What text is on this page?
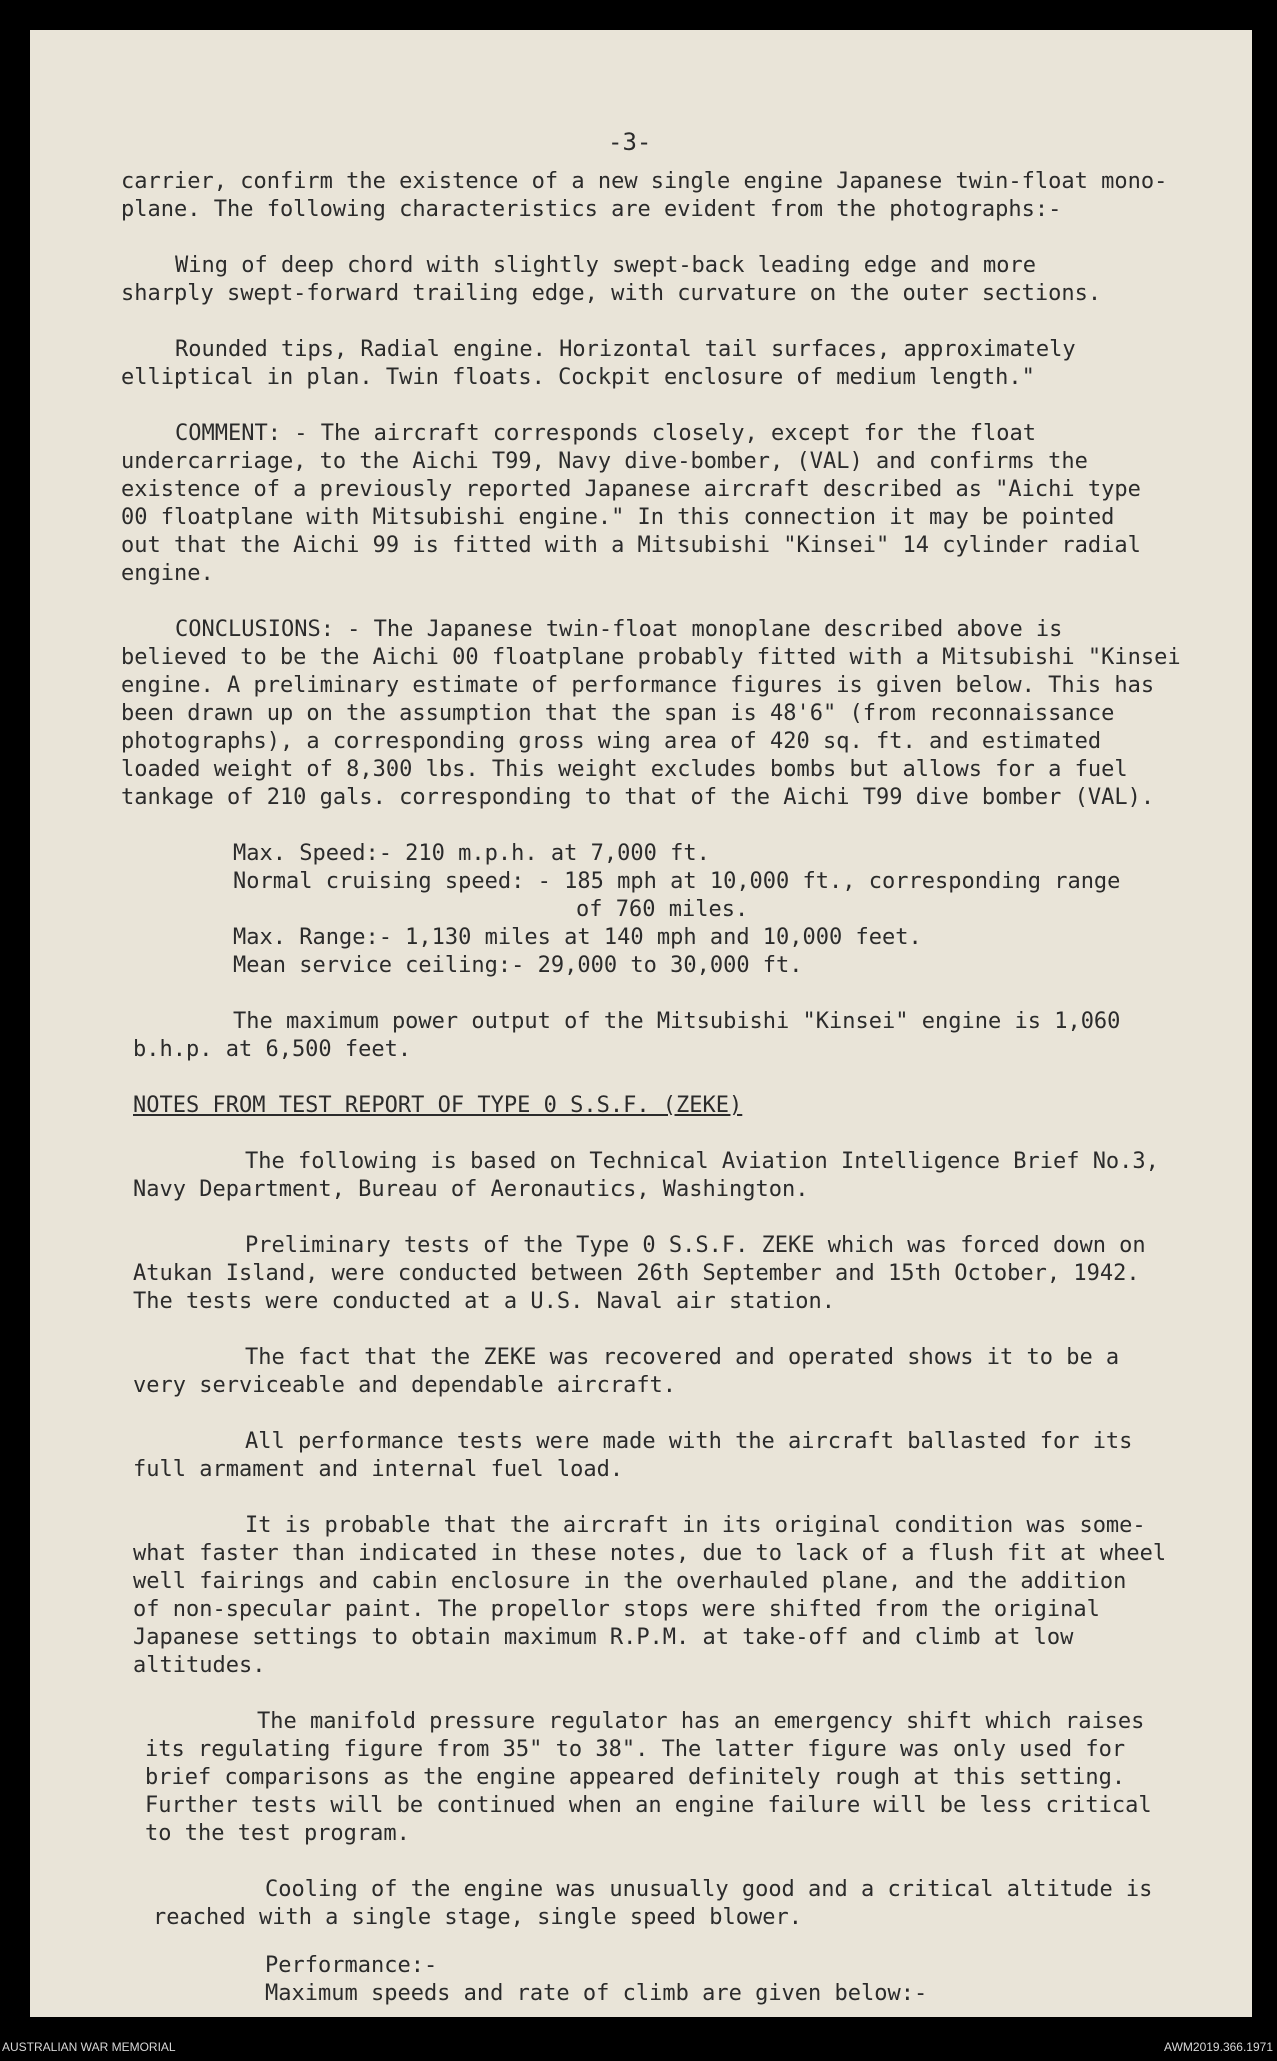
-3-
carrier, confirm the existence of a new single engine Japanese twin-float mono-
plane. The following characteristics are evident from the photographs:-
Wing of deep chord with slightly swept-back leading edge and more
sharply swept-forward trailing edge, with curvature on the outer sections.
Rounded tips, Radial engine. Horizontal tail surfaces, approximately
elliptical in plan. Twin floats. Cockpit enclosure of medium length."
COMMENT: - The aircraft corresponds closely, except for the float
undercarriage, to the Aichi T99, Navy dive-bomber, (VAL) and confirms the
existence of a previously reported Japanese aircraft described as "Aichi type
00 floatplane with Mitsubishi engine." In this connection it may be pointed
out that the Aichi 99 is fitted with a Mitsubishi "Kinsei" 14 cylinder radial
engine.
CONCLUSIONS: - The Japanese twin-float monoplane described above is
believed to be the Aichi 00 floatplane probably fitted with a Mitsubishi "Kinsei
engine. A preliminary estimate of performance figures is given below. This has
been drawn up on the assumption that the span is 48'6" (from reconnaissance
photographs), a corresponding gross wing area of 420 sq. ft. and estimated
loaded weight of 8,300 lbs. This weight excludes bombs but allows for a fuel
tankage of 210 gals. corresponding to that of the Aichi T99 dive bomber (VAL).
Max. Speed:- 210 m.p.h. at 7,000 ft.
Normal cruising speed: - 185 mph at 10,000 ft., corresponding range
of 760 miles.
Max. Range:- 1,130 miles at 140 mph and 10,000 feet.
Mean service ceiling:- 29,000 to 30,000 ft.
The maximum power output of the Mitsubishi "Kinsei" engine is 1,060
b.h.p. at 6,500 feet.
NOTES FROM TEST REPORT OF TYPE 0 S.S.F. (ZEKE)
The following is based on Technical Aviation Intelligence Brief No.3,
Navy Department, Bureau of Aeronautics, Washington.
Preliminary tests of the Type 0 S.S.F. ZEKE which was forced down on
Atukan Island, were conducted between 26th September and 15th October, 1942.
The tests were conducted at a U.S. Naval air station.
The fact that the ZEKE was recovered and operated shows it to be a
very serviceable and dependable aircraft.
All performance tests were made with the aircraft ballasted for its
full armament and internal fuel load.
It is probable that the aircraft in its original condition was some-
what faster than indicated in these notes, due to lack of a flush fit at wheel
well fairings and cabin enclosure in the overhauled plane, and the addition
of non-specular paint. The propellor stops were shifted from the original
Japanese settings to obtain maximum R.P.M. at take-off and climb at low
altitudes.
The manifold pressure regulator has an emergency shift which raises
its regulating figure from 35" to 38". The latter figure was only used for
brief comparisons as the engine appeared definitely rough at this setting.
Further tests will be continued when an engine failure will be less critical
to the test program.
Cooling of the engine was unusually good and a critical altitude is
reached with a single stage, single speed blower.
Performance:-
Maximum speeds and rate of climb are given below:-
AUSTRALIAN WAR MEMORIAL	AWM2019.366.1971
